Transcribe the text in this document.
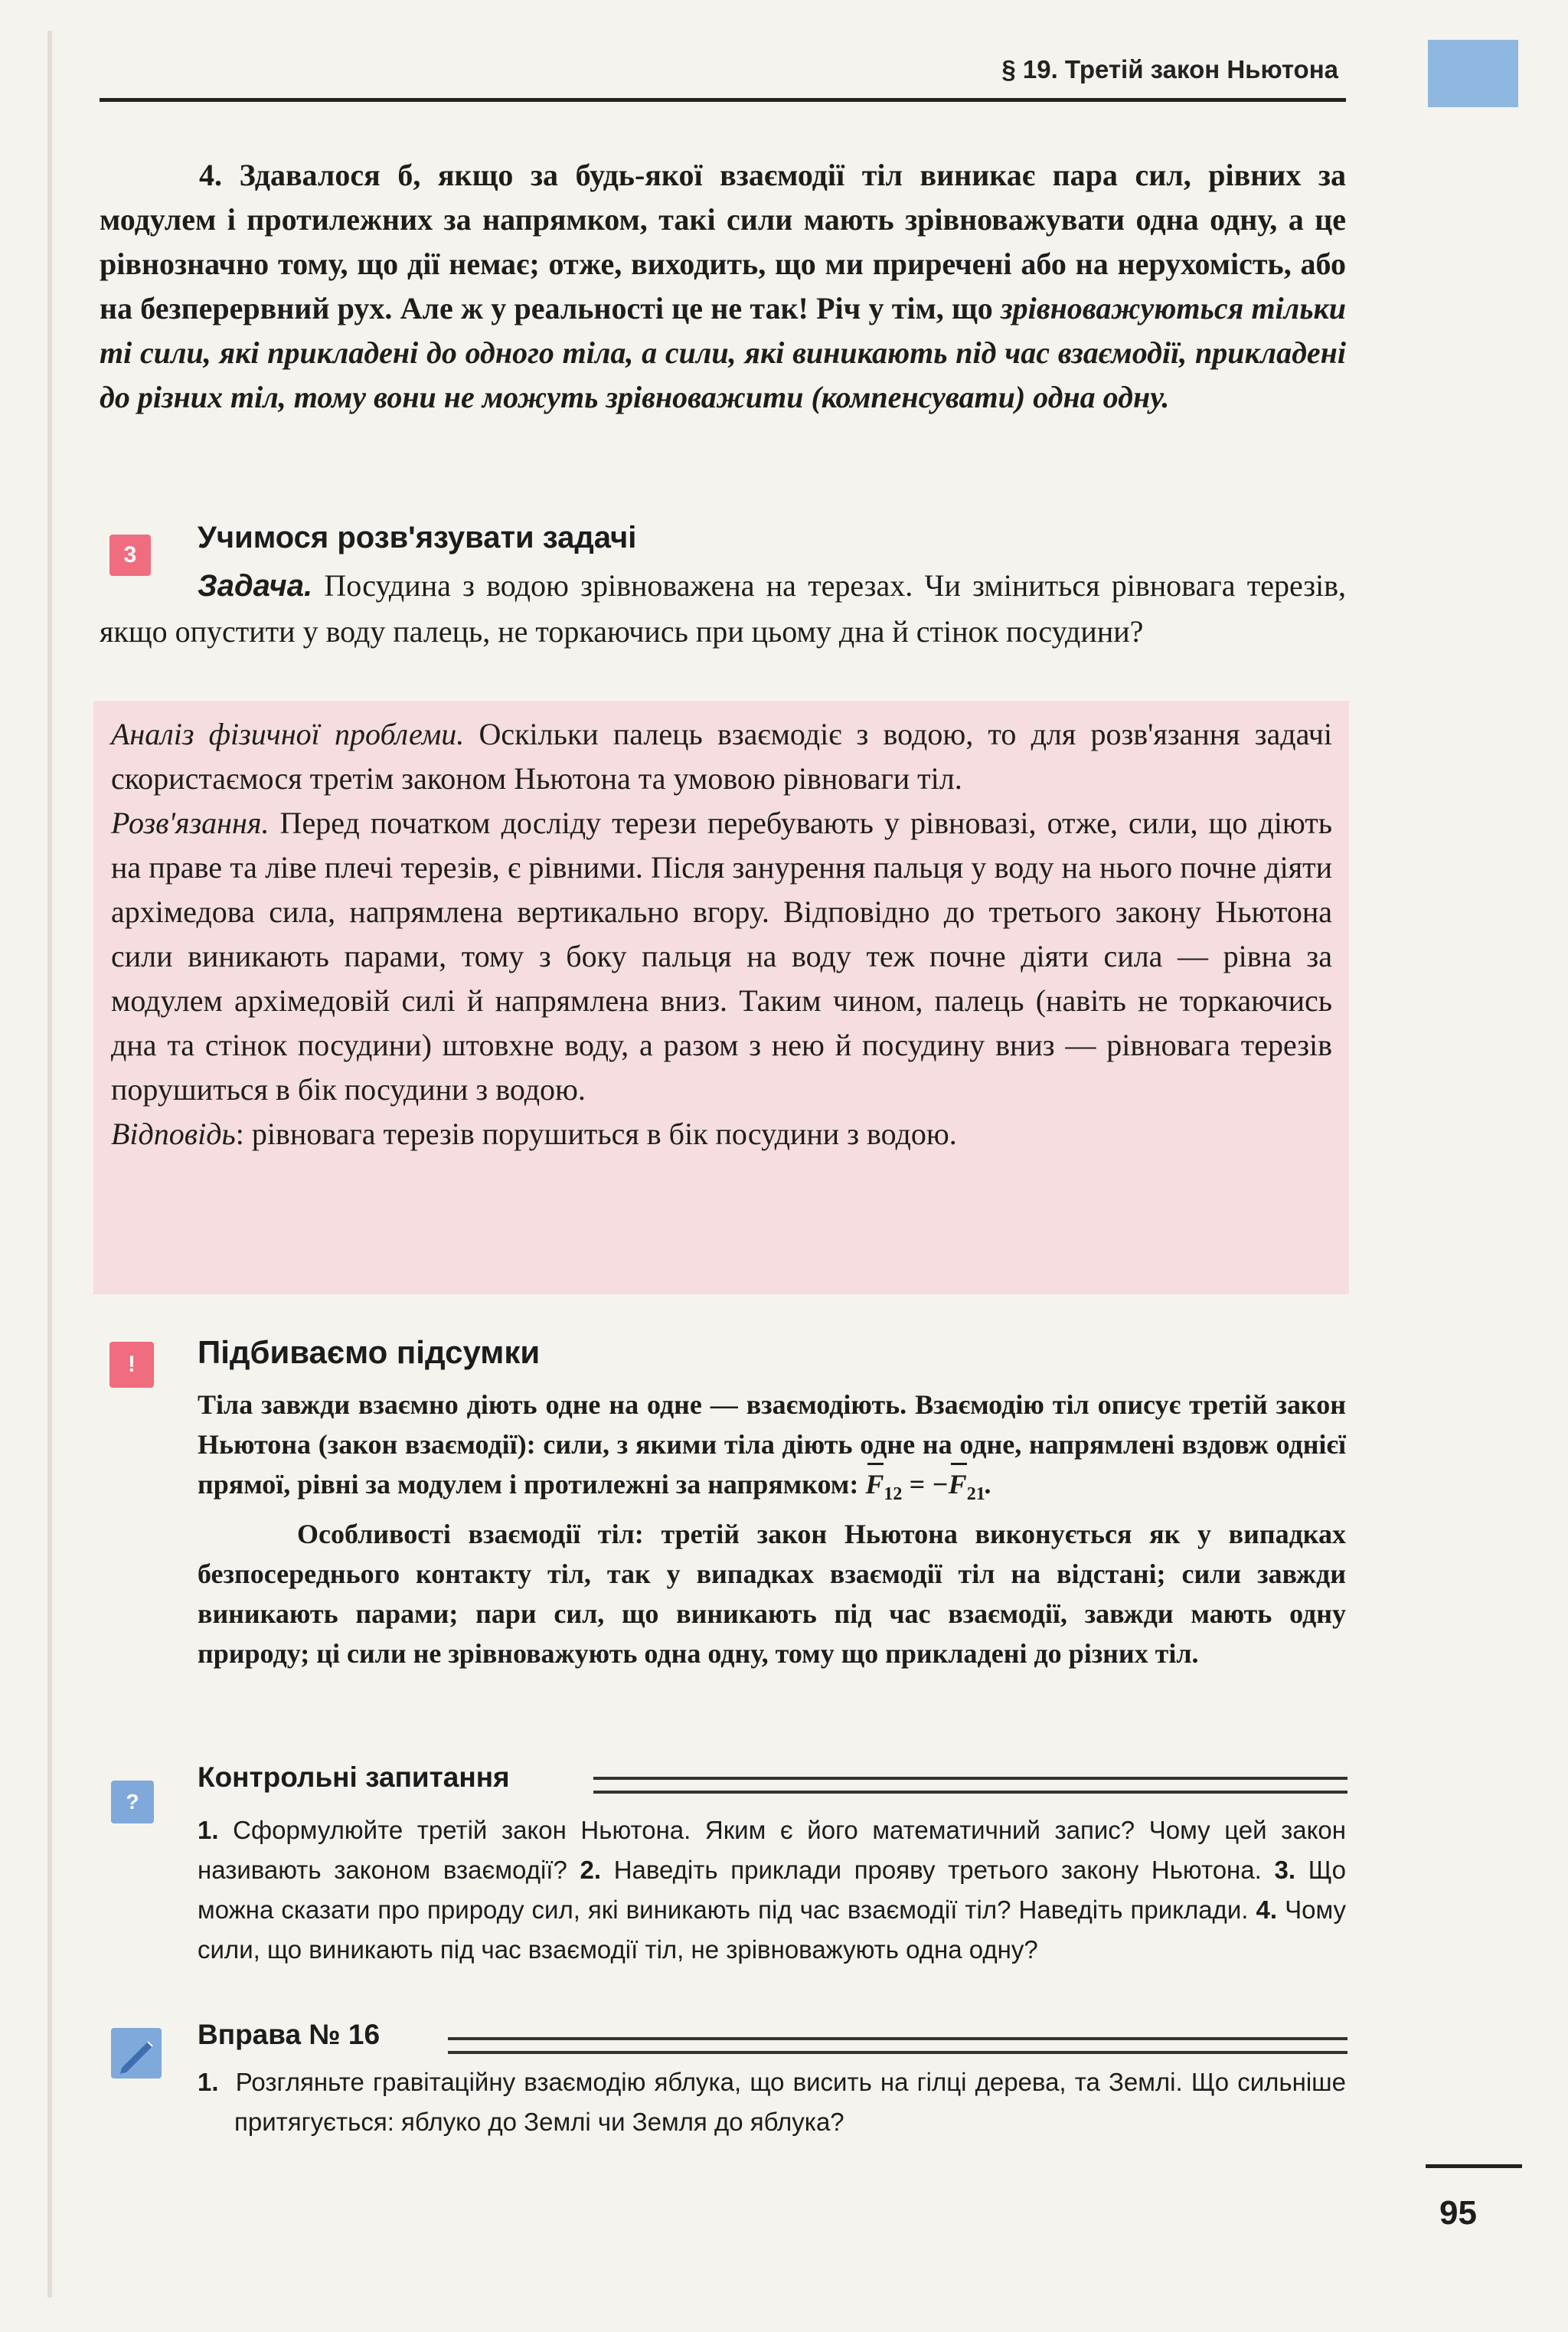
§ 19. Третій закон Ньютона
4. Здавалося б, якщо за будь-якої взаємодії тіл виникає пара сил, рівних за модулем і протилежних за напрямком, такі сили мають зрівноважувати одна одну, а це рівнозначно тому, що дії немає; отже, виходить, що ми приречені або на нерухомість, або на безперервний рух. Але ж у реальності це не так! Річ у тім, що зрівноважуються тільки ті сили, які прикладені до одного тіла, а сили, які виникають під час взаємодії, прикладені до різних тіл, тому вони не можуть зрівноважити (компенсувати) одна одну.
3
Учимося розв'язувати задачі
Задача. Посудина з водою зрівноважена на терезах. Чи зміниться рівновага терезів, якщо опустити у воду палець, не торкаючись при цьому дна й стінок посудини?

Аналіз фізичної проблеми. Оскільки палець взаємодіє з водою, то для розв'язання задачі скористаємося третім законом Ньютона та умовою рівноваги тіл.

Розв'язання. Перед початком досліду терези перебувають у рівновазі, отже, сили, що діють на праве та ліве плечі терезів, є рівними. Після занурення пальця у воду на нього почне діяти архімедова сила, напрямлена вертикально вгору. Відповідно до третього закону Ньютона сили виникають парами, тому з боку пальця на воду теж почне діяти сила — рівна за модулем архімедовій силі й напрямлена вниз. Таким чином, палець (навіть не торкаючись дна та стінок посудини) штовхне воду, а разом з нею й посудину вниз — рівновага терезів порушиться в бік посудини з водою.

Відповідь: рівновага терезів порушиться в бік посудини з водою.

! Підбиваємо підсумки

Тіла завжди взаємно діють одне на одне — взаємодіють. Взаємодію тіл описує третій закон Ньютона (закон взаємодії): сили, з якими тіла діють одне на одне, напрямлені вздовж однієї прямої, рівні за модулем і протилежні за напрямком: $F_{12} = -F_{21}$.

Особливості взаємодії тіл: третій закон Ньютона виконується як у випадках безпосереднього контакту тіл, так у випадках взаємодії тіл на відстані; сили завжди виникають парами; пари сил, що виникають під час взаємодії, завжди мають одну природу; ці сили не зрівноважують одна одну, тому що прикладені до різних тіл.

?
Контрольні запитання
1. Сформулюйте третій закон Ньютона. Яким є його математичний запис? Чому цей закон називають законом взаємодії? 2. Наведіть приклади прояву третього закону Ньютона. 3. Що можна сказати про природу сил, які виникають під час взаємодії тіл? Наведіть приклади. 4. Чому сили, що виникають під час взаємодії тіл, не зрівноважують одна одну?
Вправа № 16
1. Розгляньте гравітаційну взаємодію яблука, що висить на гілці дерева, та Землі. Що сильніше притягується: яблуко до Землі чи Земля до яблука?
95
